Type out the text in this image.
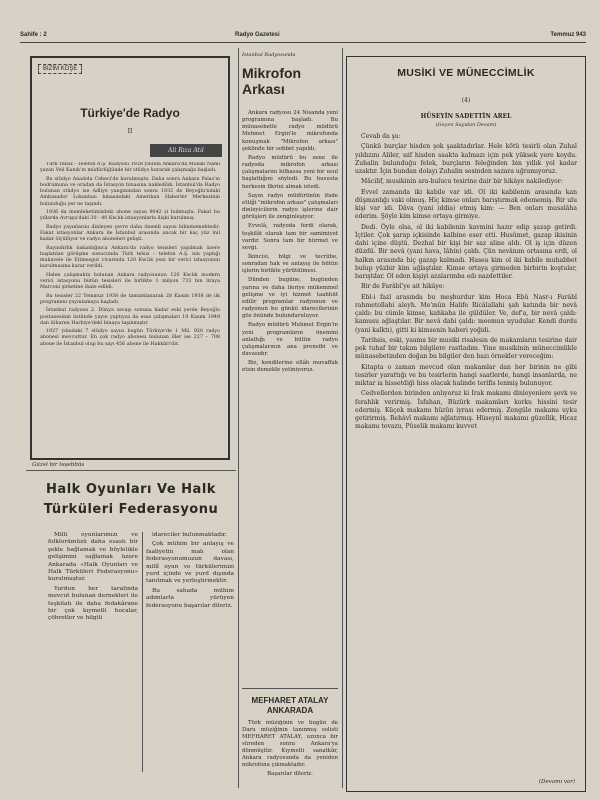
Sahife : 2	Radyo Gazetesi	Temmuz 943
BİZİM KÖŞE
Türkiye'de Radyo
II
Ali Rıza Atıl

Türk Telsiz - Telefon A.Ş. Radyosu 1928 yılında Ankara'da Musiki Nâmı yazan Veli Kanık'ın müdürlüğünde bir stüdyo kurarak çalışmağa başladı.

Bu stüdyo Anadolu Cebeci'de kurulmuştu. Daha sonra Ankara Palas'ın bodrumuna ve oradan da İstasyon binasına nakledildi. İstanbul'da Radyo bulunan stüdyo ise Adliye yangınından sonra 1932 de Beyoğlu'ndaki Ambasador Lokantası binasındaki Amerikan Haberler Merkezinin bulunduğu yer ne taşındı.

1936 da memleketimizdeki abone sayısı 9042 yi bulmuştu. Fakat bu yıllarda Avrupa'daki 30 - 40 Kw.lık istasyonlarla ilişki kurulmuş.

Radyo yayınlarını dinleyen çevre daha önemli sayısı bilinmemektedir. Fakat istasyonlar Ankara ile İstanbul arasında ancak bir kaç yüz mil kadar ölçülüyor ve radyo aboneleri gelişti.

Bayındırlık bakanlığınca Ankara'da radyo tesisleri yapılmak üzere başlatılan görüşme sonucunda Türk telsiz – telefon A.Ş. nin yaptığı mukavele ile Etimesgut civarında 120 Kw.lık yeni bir verici istasyonun kurulmasına karar verildi.

Halen çalışmakta bulunan Ankara radyosunun 120 Kw.lık modern verici istasyonu bütün tesisleri ile birlikte 1 milyon 733 bin liraya Marconi şirketine ihale edildi.

Bu tesisler 22 Temmuz 1938 de tamamlanarak 28 Kasım 1938 de ilk programını yayınlamaya başladı.

İstanbul radyosu 2. Dünya savaşı sonuna kadar eski yerde Beyoğlu postanesinin üstünde yayın yaptıysa da esas çalışmaları 19 Kasım 1949 dan itibaren Harbiye'deki binaya taşınmıştır.

1927 yılındaki 7 stüdyo sayısı bugün Türkiye'de 1 Mil. 920 radyo abonesi mevcuttur. En çok radyo abonesi bulunan iller ise 227 – 708 abone ile İstanbul olup bu sayı 456 abone ile Hakkâri'dir.

Güzel bir teşebbüs
Halk Oyunları Ve Halk
Türküleri Federasyonu

Millî oyunlarımızı ve folklorümüzü daha esaslı bir şekle bağlamak ve böylelikle gelişimini sağlamak üzere Ankarada «Halk Oyunları ve Halk Türküleri Federasyonu» kurulmuştur.

Yurdun her tarafında mevcut bulunan dernekleri ile teşkilatı ile daha fedakârane bir çok kıymetli hocalar, çöhretler ve hilgili

idareciler bulunmaktadır.

Çok mühim bir anlayış ve faaliyetin malı olan federasyonumuzun davası, millî oyun ve türkülerimizi yurd içinde ve yurd dışında tanıtmak ve yerleştirmektir.

Bu sahada mühim adımlarla yürüyen federasyonu başarılar dileriz.

İstanbul Radyosunda
Mikrofon
Arkası

Ankara radyosu 24 Nisanda yeni programına başladı. Bu münasebetle radyo müdürü Mehmet Ergin'le mikrofonda konuşmak "Mikrofon arkası" şeklinde bir sohbet yapıldı.

Radyo müdürü bu sene ile radyoda mikrofon arkası çalışmalarını bilhassa yeni bir usul başlattığını söyledi. Bu hususta herkesin fikrini almak istedi.

Sayın radyo müdürünün ifade ettiği "mikrofon arkası" çalışmaları dinleyicilerin radyo işlerine dair görüşleri ile zenginleşiyor.

Evvelâ, radyoda ferdi olarak, teşkilât olarak tam bir samimiyet vardır. Sonra tam bir hürmet ve sevgi.

İkincisi, bilgi ve tecrübe, sonradan hak ve anlayış ile bütün işlerin birlikte yürütülmesi.

Dünden bugüne, bugünden yarına ve daha ileriye mükemmel gelişme ve iyi hizmet taahhüt edilir programlar radyonun ve radyonun bu günkü idarecilerinin göz önünde bulunduruluyor.

Radyo müdürü Mehmet Ergin'in yeni programların önemini anlattığı ve bütün radyo çalışmalarının ana prensibi ve davasıdır.

Biz, kendilerine ellâh muvaffak etsin demekle yetiniyoruz.

MEFHARET ATALAY
ANKARADA

Türk müziğinin ve bugün de Daru müziğinin tanınmış solisti MEFHARET ATALAY, uzunca bir süreden sonra Ankara'ya dönmüştür. Kıymetli sanatkâr, Ankara radyosunda da yeniden mikrofona çıkmaktadır.

Başarılar dileriz.

MUSİKİ VE MÜNECCİMLİK
(4)
HÜSEYİN SADETTİN AREL
(Geçen Sayıdan Devam)

Cevab da şu:

Çünkü burçlar hisden şok şaaktadırlar. Hele kötü tesirli olan Zuhal yıldızını Aliler, sıif hisden saakta kalmazı için pek yüksek yere koydu. Zuhalin bulunduğu felek, burçların feleğinden bin yıllık yol kadar uzaktır. İçin bundan dolayı Zuhalin sesinden sazara uğramıyoruz.

Mâcilif, musikinin ara-bulucu tesirine dair bir hikâye nakilediyor:

Evvel zamanda iki kabile var idi. Ol iki kabilenin arasında kan düşmanlığı vaki olmuş. Hiç kimse onları barıştırmak edememiş. Bir ulu kişi var idi. Dâva (yani iddia) etmiş kim: — Ben onları musalâha ederim. Şöyle kim kimse ortaya girmiye.

Dedi. Öyle olsa, ol iki kabilenin kavmini hazır edip şazap getirdi. İçtiler. Çok şarap içkisinde kalbine eser etti. Husûmet, gazap ikisinin dahi içine düştü. Dezhal bir kişi bir saz aline aldı. Ol iş için düzen düzdü. Bir nevâ (yani hava, lâhin) çaldı. Çün nevânım ortasına erdi, ol halkın arasında hiç gazap kalmadı. Hasea kim ol iki kabile muhabbet bulup yüzbir kim ağlaştılar. Kimse ortaya girmeden birbirin koştular, barıştılar. Ol eden kişiyi azalarımba edı nazdettiler.

Bir de Farâbî'ye ait hikâye:

Ebl-i fazl arasında bu meşhurdur kim Hoca Ebû Nasr-ı Farâbî rahmetollahi aleyh. Me'mûn Halife Ricâlallahi şah katında bir nevâ çaldı: bu cümle kimse, kahkaha ile güldüler. Ve, def'a, bir nevâ çaldı: kamusu ağlaştılar. Bir nevâ dahi çaldı: meemun uyudular. Kendi durdu (yani kalktı), gitti ki kimsenin haberi yoğidi.

Tarihsis, eski, yaama bir musiki risalesin de makamların tesirine dair pek tuhaf bir takım bilgilere rastladım. Yine musikinin müneccimlikle münasebetinden doğan bu bilgiler den bazı örnekler vereceğim:

Kitapta o zaman mevcud olan makamlar dan her birinin ne gibi tesirler yarattığı ve bu tesirlerin hangi saatlerde, hangi insanlarda, ne miktar ia hissetdiği hiss olacak halinde terifis lenmiş bulunuyor.

Cedvellerden birinden anlıyoruz ki Irak makamı dinleyenlere şevk ve ferahlık verirmiş. İsfahan, Büzürk makamları korku hissini tesir edermiş. Küçek makamı hüzün iyrası edermiş. Zengüle makamı uyku getirirmiş. Rehâvî makamı ağlatırmış. Hüseynî makamı güzellik, Hicaz makamı tevazu, Pûselik makamı kuvvet

(Devamı var)
